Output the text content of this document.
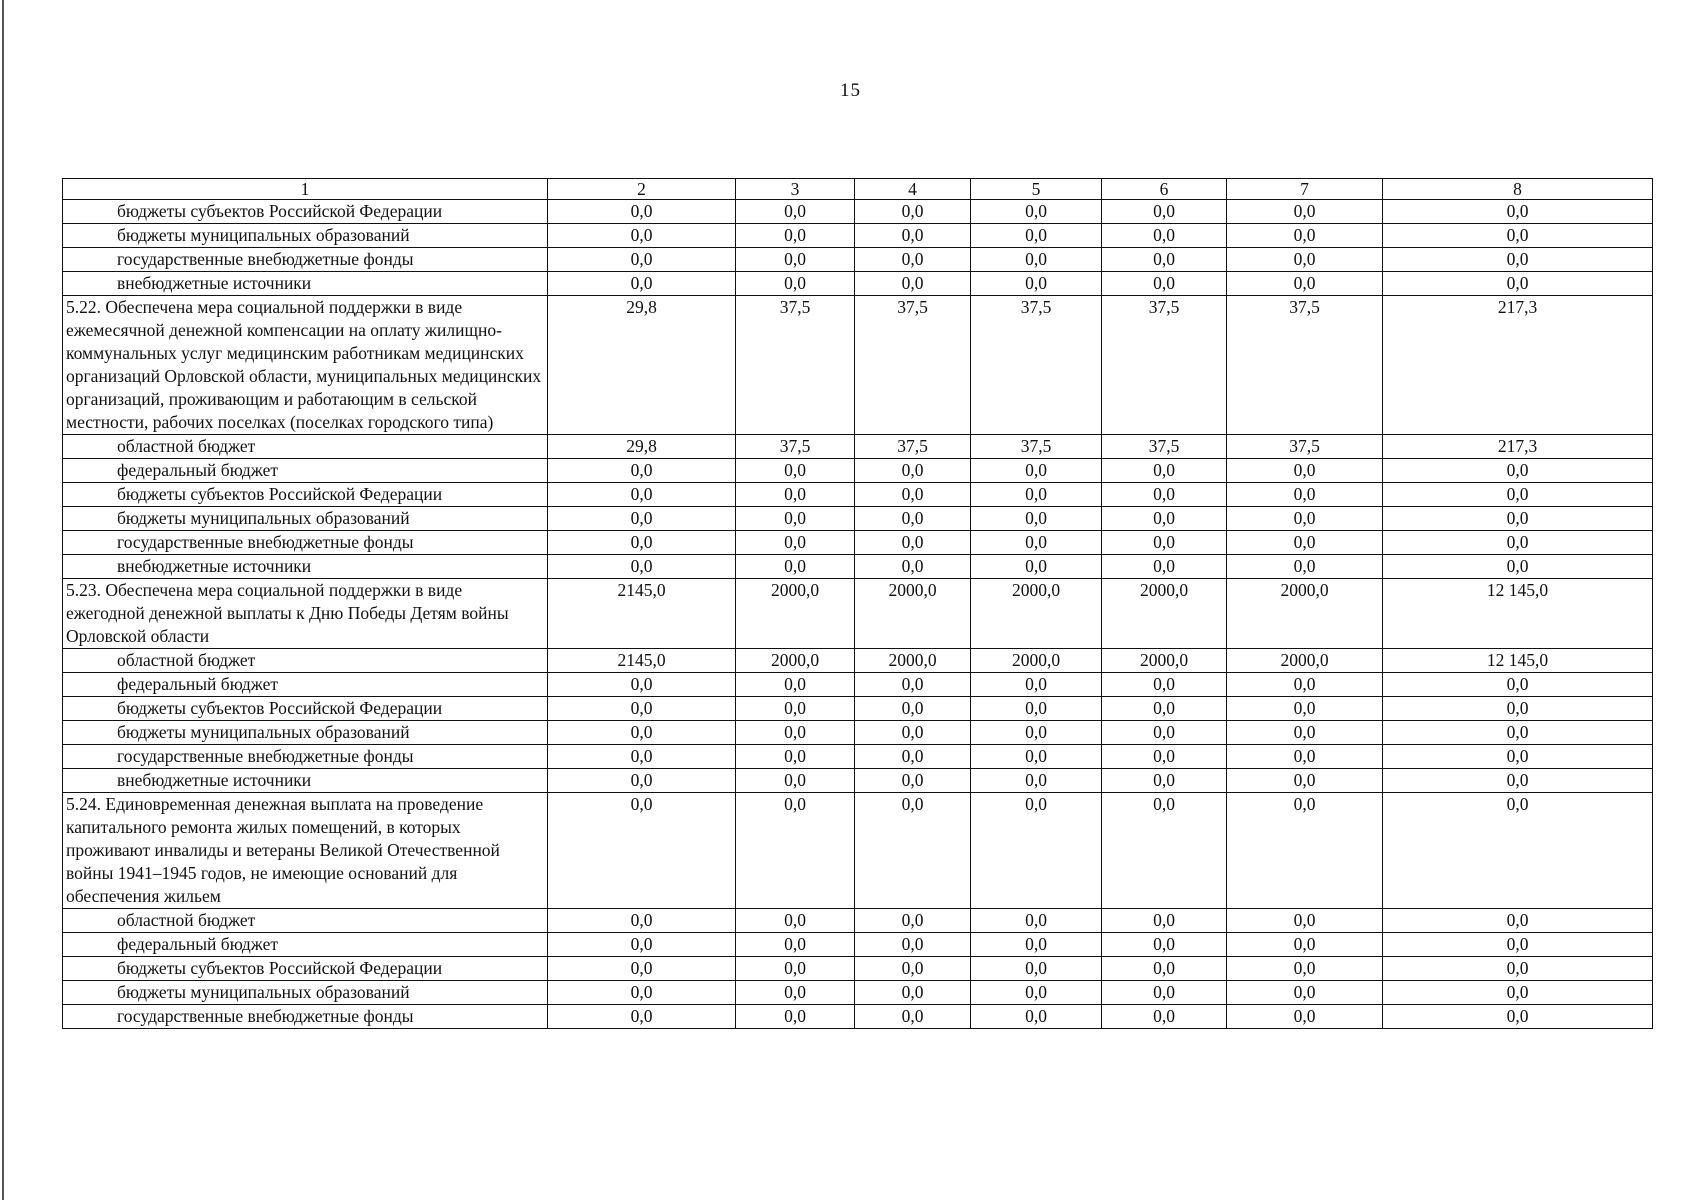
15
1	2	3	4	5	6	7	8
бюджеты субъектов Российской Федерации	0,0	0,0	0,0	0,0	0,0	0,0	0,0
бюджеты муниципальных образований	0,0	0,0	0,0	0,0	0,0	0,0	0,0
государственные внебюджетные фонды	0,0	0,0	0,0	0,0	0,0	0,0	0,0
внебюджетные источники	0,0	0,0	0,0	0,0	0,0	0,0	0,0
5.22. Обеспечена мера социальной поддержки в виде ежемесячной денежной компенсации на оплату жилищно-коммунальных услуг медицинским работникам медицинских организаций Орловской области, муниципальных медицинских организаций, проживающим и работающим в сельской местности, рабочих поселках (поселках городского типа)	29,8	37,5	37,5	37,5	37,5	37,5	217,3
областной бюджет	29,8	37,5	37,5	37,5	37,5	37,5	217,3
федеральный бюджет	0,0	0,0	0,0	0,0	0,0	0,0	0,0
бюджеты субъектов Российской Федерации	0,0	0,0	0,0	0,0	0,0	0,0	0,0
бюджеты муниципальных образований	0,0	0,0	0,0	0,0	0,0	0,0	0,0
государственные внебюджетные фонды	0,0	0,0	0,0	0,0	0,0	0,0	0,0
внебюджетные источники	0,0	0,0	0,0	0,0	0,0	0,0	0,0
5.23. Обеспечена мера социальной поддержки в виде ежегодной денежной выплаты к Дню Победы Детям войны Орловской области	2145,0	2000,0	2000,0	2000,0	2000,0	2000,0	12 145,0
областной бюджет	2145,0	2000,0	2000,0	2000,0	2000,0	2000,0	12 145,0
федеральный бюджет	0,0	0,0	0,0	0,0	0,0	0,0	0,0
бюджеты субъектов Российской Федерации	0,0	0,0	0,0	0,0	0,0	0,0	0,0
бюджеты муниципальных образований	0,0	0,0	0,0	0,0	0,0	0,0	0,0
государственные внебюджетные фонды	0,0	0,0	0,0	0,0	0,0	0,0	0,0
внебюджетные источники	0,0	0,0	0,0	0,0	0,0	0,0	0,0
5.24. Единовременная денежная выплата на проведение капитального ремонта жилых помещений, в которых проживают инвалиды и ветераны Великой Отечественной войны 1941–1945 годов, не имеющие оснований для обеспечения жильем	0,0	0,0	0,0	0,0	0,0	0,0	0,0
областной бюджет	0,0	0,0	0,0	0,0	0,0	0,0	0,0
федеральный бюджет	0,0	0,0	0,0	0,0	0,0	0,0	0,0
бюджеты субъектов Российской Федерации	0,0	0,0	0,0	0,0	0,0	0,0	0,0
бюджеты муниципальных образований	0,0	0,0	0,0	0,0	0,0	0,0	0,0
государственные внебюджетные фонды	0,0	0,0	0,0	0,0	0,0	0,0	0,0
